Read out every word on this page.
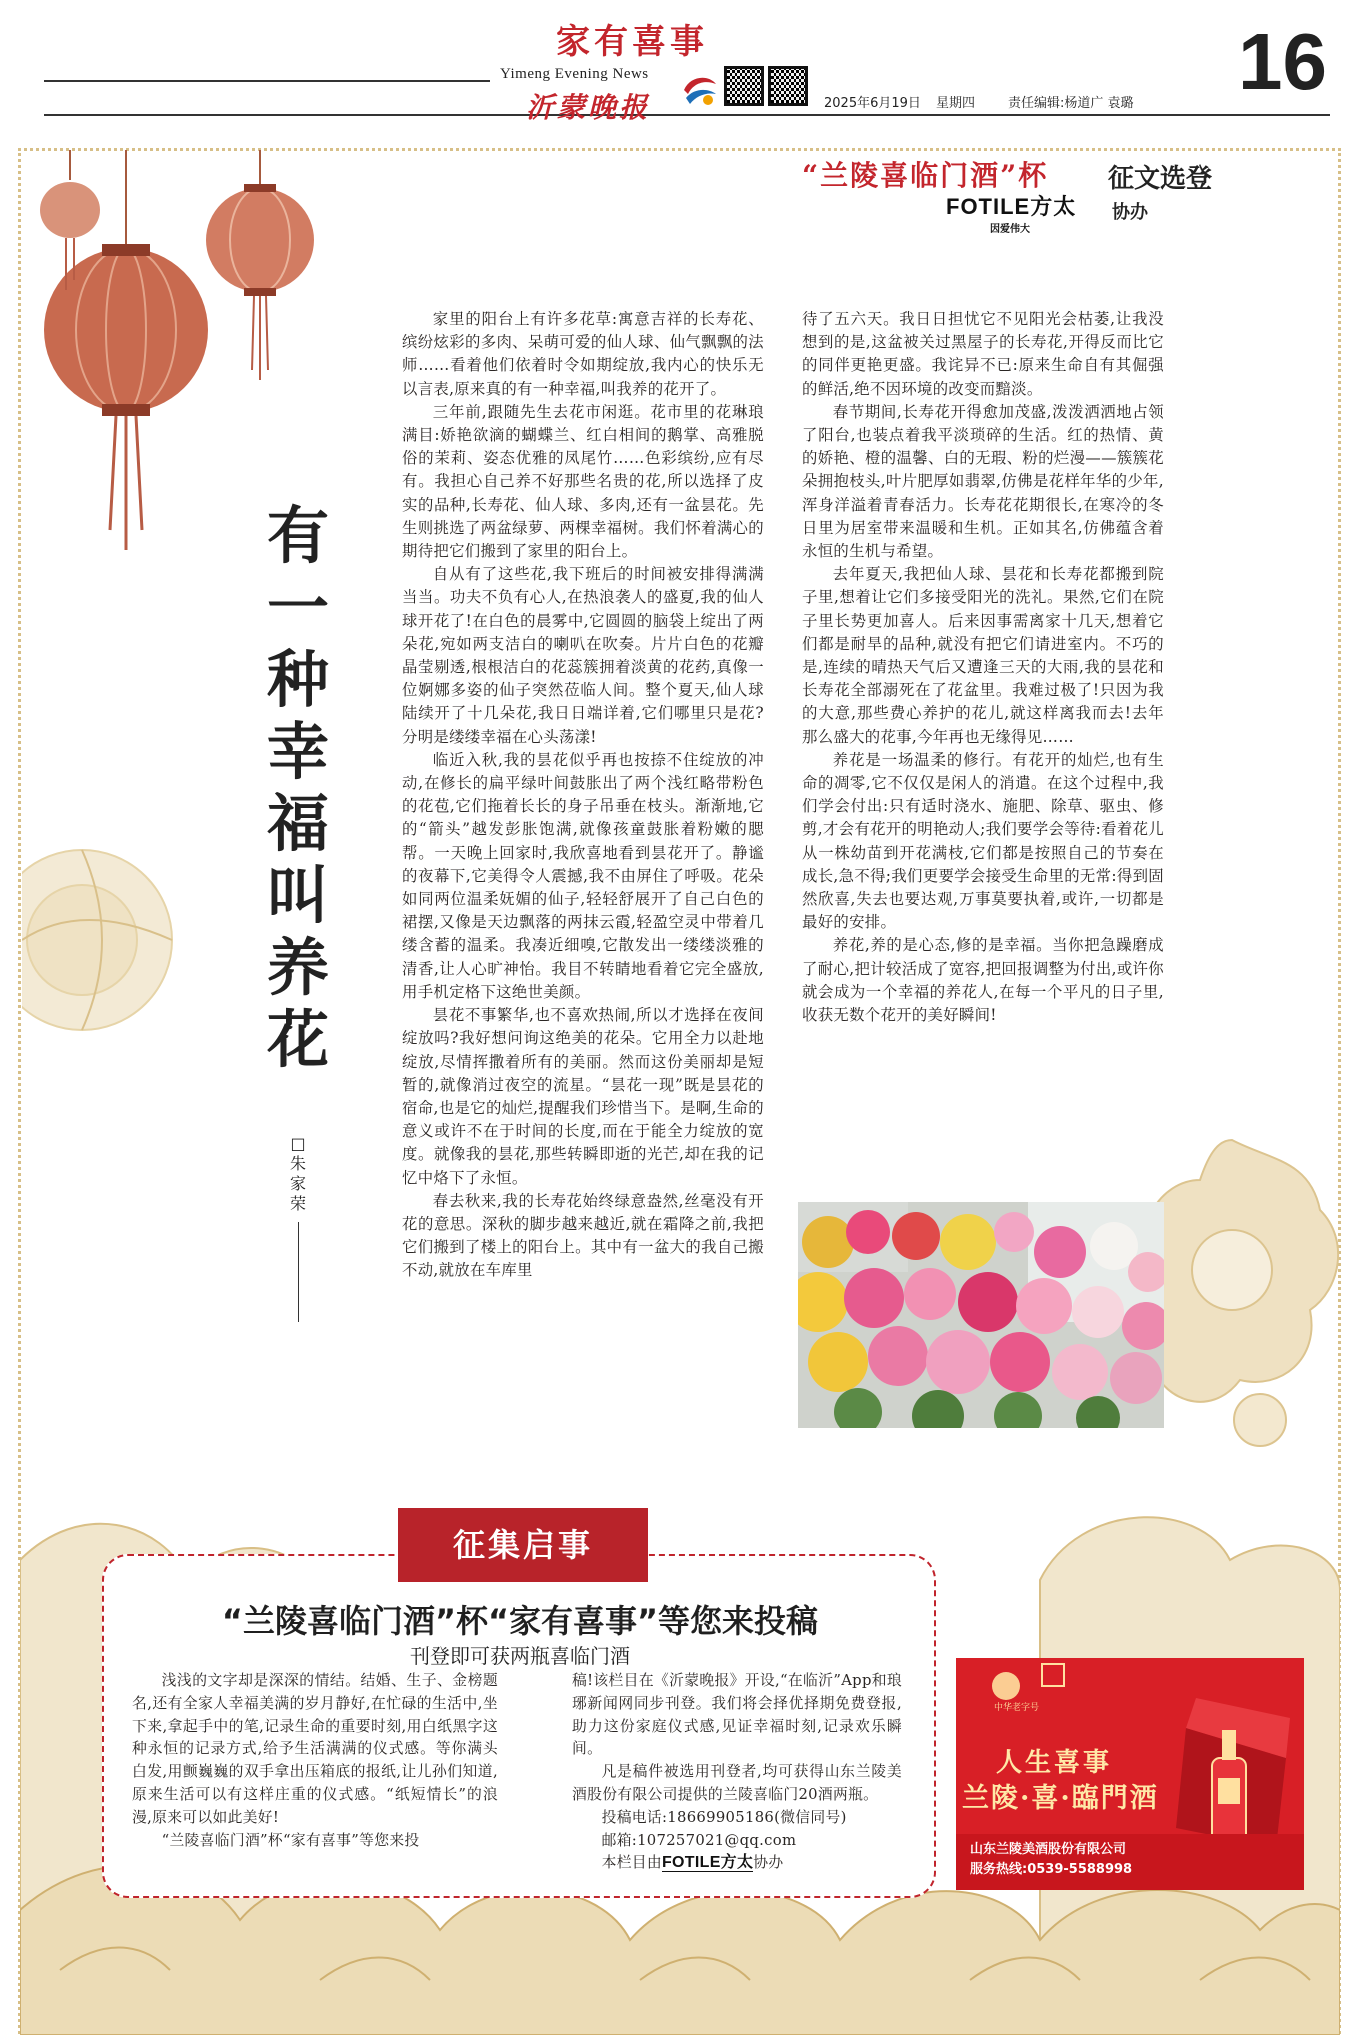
家有喜事
Yimeng Evening News
沂蒙晚报	2025年6月19日 星期四	责任编辑:杨道广 袁璐 16
“兰陵喜临门酒”杯 征文选登
FOTILE方太
因爱伟大
协办
有
一
种
幸
福
叫
养
花
□朱家荣

家里的阳台上有许多花草:寓意吉祥的长寿花、缤纷炫彩的多肉、呆萌可爱的仙人球、仙气飘飘的法师……看着他们依着时令如期绽放,我内心的快乐无以言表,原来真的有一种幸福,叫我养的花开了。

三年前,跟随先生去花市闲逛。花市里的花琳琅满目:娇艳欲滴的蝴蝶兰、红白相间的鹅掌、高雅脱俗的茉莉、姿态优雅的凤尾竹……色彩缤纷,应有尽有。我担心自己养不好那些名贵的花,所以选择了皮实的品种,长寿花、仙人球、多肉,还有一盆昙花。先生则挑选了两盆绿萝、两棵幸福树。我们怀着满心的期待把它们搬到了家里的阳台上。

自从有了这些花,我下班后的时间被安排得满满当当。功夫不负有心人,在热浪袭人的盛夏,我的仙人球开花了!在白色的晨雾中,它圆圆的脑袋上绽出了两朵花,宛如两支洁白的喇叭在吹奏。片片白色的花瓣晶莹剔透,根根洁白的花蕊簇拥着淡黄的花药,真像一位婀娜多姿的仙子突然莅临人间。整个夏天,仙人球陆续开了十几朵花,我日日端详着,它们哪里只是花?分明是缕缕幸福在心头荡漾!

临近入秋,我的昙花似乎再也按捺不住绽放的冲动,在修长的扁平绿叶间鼓胀出了两个浅红略带粉色的花苞,它们拖着长长的身子吊垂在枝头。渐渐地,它的“箭头”越发彭胀饱满,就像孩童鼓胀着粉嫩的腮帮。一天晚上回家时,我欣喜地看到昙花开了。静谧的夜幕下,它美得令人震撼,我不由屏住了呼吸。花朵如同两位温柔妩媚的仙子,轻轻舒展开了自己白色的裙摆,又像是天边飘落的两抹云霞,轻盈空灵中带着几缕含蓄的温柔。我凑近细嗅,它散发出一缕缕淡雅的清香,让人心旷神怡。我目不转睛地看着它完全盛放,用手机定格下这绝世美颜。

昙花不事繁华,也不喜欢热闹,所以才选择在夜间绽放吗?我好想问询这绝美的花朵。它用全力以赴地绽放,尽情挥撒着所有的美丽。然而这份美丽却是短暂的,就像消过夜空的流星。“昙花一现”既是昙花的宿命,也是它的灿烂,提醒我们珍惜当下。是啊,生命的意义或许不在于时间的长度,而在于能全力绽放的宽度。就像我的昙花,那些转瞬即逝的光芒,却在我的记忆中烙下了永恒。

春去秋来,我的长寿花始终绿意盎然,丝毫没有开花的意思。深秋的脚步越来越近,就在霜降之前,我把它们搬到了楼上的阳台上。其中有一盆大的我自己搬不动,就放在车库里

待了五六天。我日日担忧它不见阳光会枯萎,让我没想到的是,这盆被关过黑屋子的长寿花,开得反而比它的同伴更艳更盛。我诧异不已:原来生命自有其倔强的鲜活,绝不因环境的改变而黯淡。

春节期间,长寿花开得愈加茂盛,泼泼洒洒地占领了阳台,也装点着我平淡琐碎的生活。红的热情、黄的娇艳、橙的温馨、白的无瑕、粉的烂漫——簇簇花朵拥抱枝头,叶片肥厚如翡翠,仿佛是花样年华的少年,浑身洋溢着青春活力。长寿花花期很长,在寒冷的冬日里为居室带来温暖和生机。正如其名,仿佛蕴含着永恒的生机与希望。

去年夏天,我把仙人球、昙花和长寿花都搬到院子里,想着让它们多接受阳光的洗礼。果然,它们在院子里长势更加喜人。后来因事需离家十几天,想着它们都是耐旱的品种,就没有把它们请进室内。不巧的是,连续的晴热天气后又遭逢三天的大雨,我的昙花和长寿花全部溺死在了花盆里。我难过极了!只因为我的大意,那些费心养护的花儿,就这样离我而去!去年那么盛大的花事,今年再也无缘得见……

养花是一场温柔的修行。有花开的灿烂,也有生命的凋零,它不仅仅是闲人的消遣。在这个过程中,我们学会付出:只有适时浇水、施肥、除草、驱虫、修剪,才会有花开的明艳动人;我们要学会等待:看着花儿从一株幼苗到开花满枝,它们都是按照自己的节奏在成长,急不得;我们更要学会接受生命里的无常:得到固然欣喜,失去也要达观,万事莫要执着,或许,一切都是最好的安排。

养花,养的是心态,修的是幸福。当你把急躁磨成了耐心,把计较活成了宽容,把回报调整为付出,或许你就会成为一个幸福的养花人,在每一个平凡的日子里,收获无数个花开的美好瞬间!

征集启事
“兰陵喜临门酒”杯“家有喜事”等您来投稿
刊登即可获两瓶喜临门酒

浅浅的文字却是深深的情结。结婚、生子、金榜题名,还有全家人幸福美满的岁月静好,在忙碌的生活中,坐下来,拿起手中的笔,记录生命的重要时刻,用白纸黑字这种永恒的记录方式,给予生活满满的仪式感。等你满头白发,用颤巍巍的双手拿出压箱底的报纸,让儿孙们知道,原来生活可以有这样庄重的仪式感。“纸短情长”的浪漫,原来可以如此美好!

“兰陵喜临门酒”杯“家有喜事”等您来投

稿!该栏目在《沂蒙晚报》开设,“在临沂”App和琅琊新闻网同步刊登。我们将会择优择期免费登报,助力这份家庭仪式感,见证幸福时刻,记录欢乐瞬间。

凡是稿件被选用刊登者,均可获得山东兰陵美酒股份有限公司提供的兰陵喜临门20酒两瓶。

投稿电话:18669905186(微信同号)

邮箱:107257021@qq.com

本栏目由FOTILE方太协办

中华老字号
人生喜事
兰陵·喜·臨門酒
山东兰陵美酒股份有限公司
服务热线:0539-5588998
